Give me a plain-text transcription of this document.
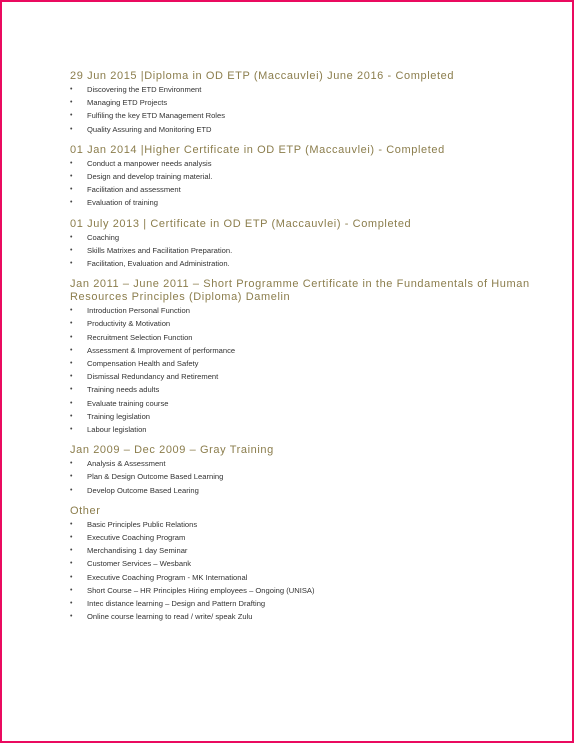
29 Jun 2015 |Diploma in OD ETP (Maccauvlei) June 2016 - Completed
• Discovering the ETD Environment
• Managing ETD Projects
• Fulfiling the key ETD Management Roles
• Quality Assuring and Monitoring ETD
01 Jan 2014 |Higher Certificate in OD ETP (Maccauvlei) - Completed
• Conduct a manpower needs analysis
• Design and develop training material.
• Facilitation and assessment
• Evaluation of training
01 July 2013 | Certificate in OD ETP (Maccauvlei) - Completed
• Coaching
• Skills Matrixes and Facilitation Preparation.
• Facilitation, Evaluation and Administration.
Jan 2011 – June 2011 – Short Programme Certificate in the Fundamentals of Human Resources Principles (Diploma) Damelin
• Introduction Personal Function
• Productivity & Motivation
• Recruitment Selection Function
• Assessment & Improvement of performance
• Compensation Health and Safety
• Dismissal Redundancy and Retirement
• Training needs adults
• Evaluate training course
• Training legislation
• Labour legislation
Jan 2009 – Dec 2009 – Gray Training
• Analysis & Assessment
• Plan & Design Outcome Based Learning
• Develop Outcome Based Learing
Other
• Basic Principles Public Relations
• Executive Coaching Program
• Merchandising 1 day Seminar
• Customer Services – Wesbank
• Executive Coaching Program - MK International
• Short Course – HR Principles Hiring employees – Ongoing (UNISA)
• Intec distance learning – Design and Pattern Drafting
• Online course learning to read / write/ speak Zulu
